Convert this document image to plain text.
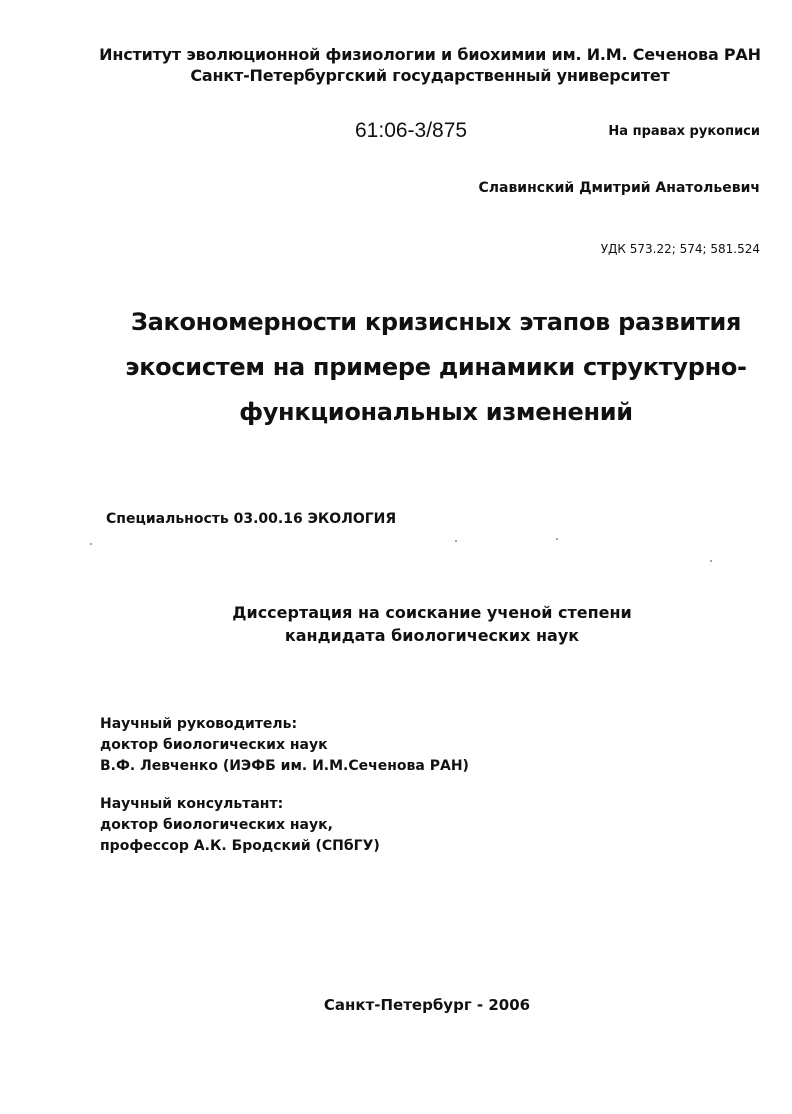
Институт эволюционной физиологии и биохимии им. И.М. Сеченова РАН
Санкт-Петербургский государственный университет
61:06-3/875	На правах рукописи
Славинский Дмитрий Анатольевич
УДК 573.22; 574; 581.524
Закономерности кризисных этапов развития
экосистем на примере динамики структурно-
функциональных изменений
Специальность 03.00.16 ЭКОЛОГИЯ
Диссертация на соискание ученой степени
кандидата биологических наук
Научный руководитель:
доктор биологических наук
В.Ф. Левченко (ИЭФБ им. И.М.Сеченова РАН)
Научный консультант:
доктор биологических наук,
профессор А.К. Бродский (СПбГУ)
Санкт-Петербург - 2006
